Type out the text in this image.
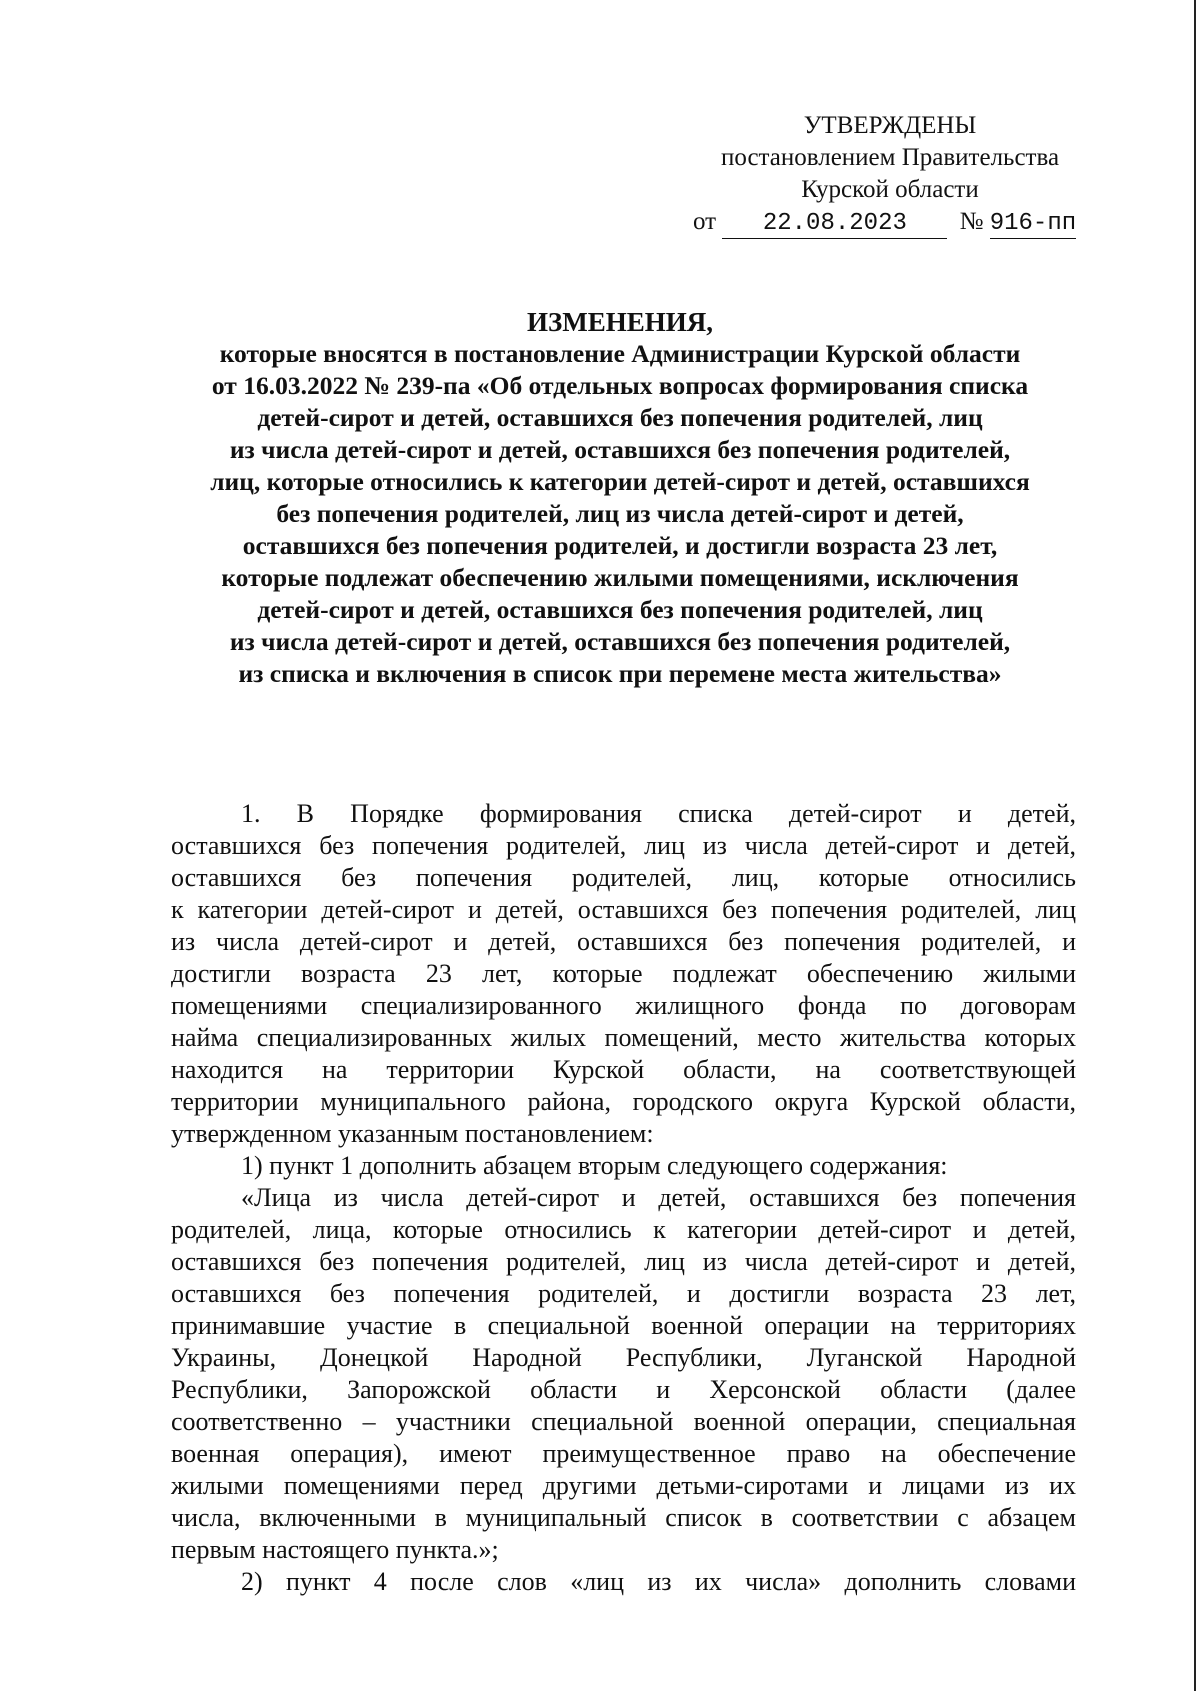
УТВЕРЖДЕНЫ
постановлением Правительства
Курской области
от 22.08.2023 № 916-пп
ИЗМЕНЕНИЯ,
которые вносятся в постановление Администрации Курской области
от 16.03.2022 № 239-па «Об отдельных вопросах формирования списка
детей-сирот и детей, оставшихся без попечения родителей, лиц
из числа детей-сирот и детей, оставшихся без попечения родителей,
лиц, которые относились к категории детей-сирот и детей, оставшихся
без попечения родителей, лиц из числа детей-сирот и детей,
оставшихся без попечения родителей, и достигли возраста 23 лет,
которые подлежат обеспечению жилыми помещениями, исключения
детей-сирот и детей, оставшихся без попечения родителей, лиц
из числа детей-сирот и детей, оставшихся без попечения родителей,
из списка и включения в список при перемене места жительства»
1. В Порядке формирования списка детей-сирот и детей,
оставшихся без попечения родителей, лиц из числа детей-сирот и детей,
оставшихся без попечения родителей, лиц, которые относились
к категории детей-сирот и детей, оставшихся без попечения родителей, лиц
из числа детей-сирот и детей, оставшихся без попечения родителей, и
достигли возраста 23 лет, которые подлежат обеспечению жилыми
помещениями специализированного жилищного фонда по договорам
найма специализированных жилых помещений, место жительства которых
находится на территории Курской области, на соответствующей
территории муниципального района, городского округа Курской области,
утвержденном указанным постановлением:
1) пункт 1 дополнить абзацем вторым следующего содержания:
«Лица из числа детей-сирот и детей, оставшихся без попечения
родителей, лица, которые относились к категории детей-сирот и детей,
оставшихся без попечения родителей, лиц из числа детей-сирот и детей,
оставшихся без попечения родителей, и достигли возраста 23 лет,
принимавшие участие в специальной военной операции на территориях
Украины, Донецкой Народной Республики, Луганской Народной
Республики, Запорожской области и Херсонской области (далее
соответственно – участники специальной военной операции, специальная
военная операция), имеют преимущественное право на обеспечение
жилыми помещениями перед другими детьми-сиротами и лицами из их
числа, включенными в муниципальный список в соответствии с абзацем
первым настоящего пункта.»;
2) пункт 4 после слов «лиц из их числа» дополнить словами
